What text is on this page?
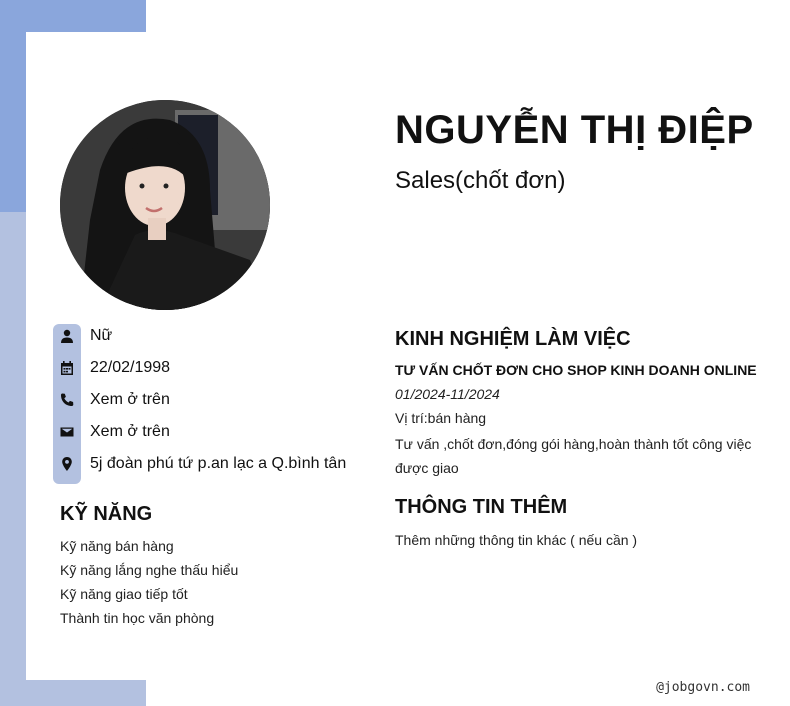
NGUYỄN THỊ ĐIỆP
Sales(chốt đơn)
Nữ
22/02/1998
Xem ở trên
Xem ở trên
5j đoàn phú tứ p.an lạc a Q.bình tân
KỸ NĂNG
Kỹ năng bán hàng
Kỹ năng lắng nghe thấu hiểu
Kỹ năng giao tiếp tốt
Thành tin học văn phòng
KINH NGHIỆM LÀM VIỆC
TƯ VẤN CHỐT ĐƠN CHO SHOP KINH DOANH ONLINE
01/2024-11/2024
Vị trí:bán hàng
Tư vấn ,chốt đơn,đóng gói hàng,hoàn thành tốt công việc được giao
THÔNG TIN THÊM
Thêm những thông tin khác ( nếu cần )
@jobgovn.com
